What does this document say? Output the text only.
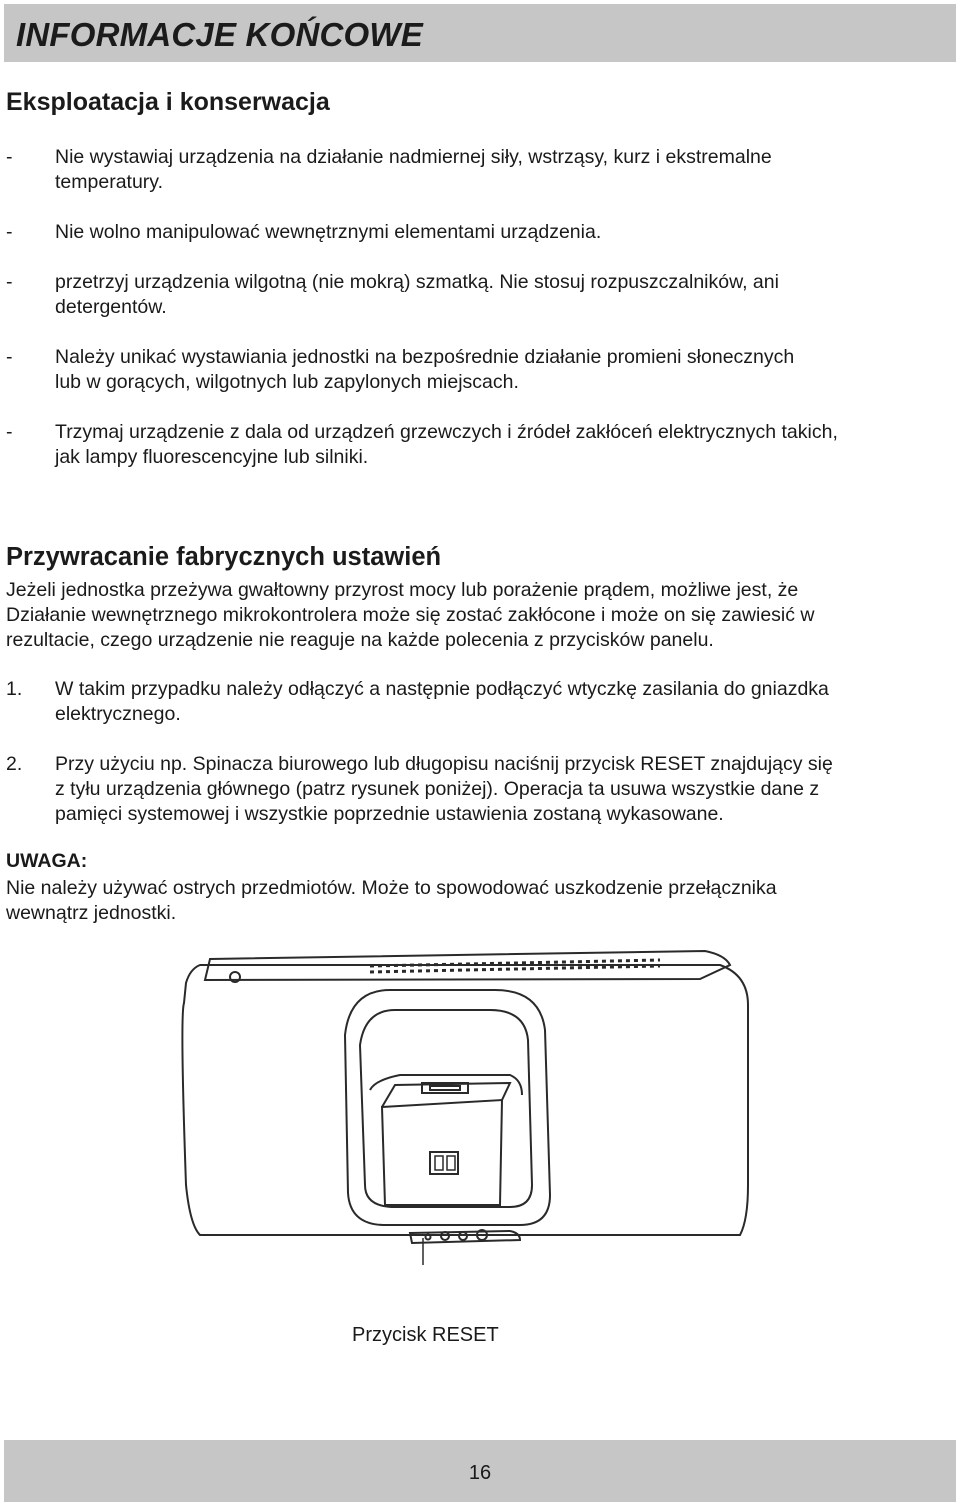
INFORMACJE KOŃCOWE
Eksploatacja i konserwacja
- Nie wystawiaj urządzenia na działanie nadmiernej siły, wstrząsy, kurz i ekstremalne
temperatury.
- Nie wolno manipulować wewnętrznymi elementami urządzenia.
- przetrzyj urządzenia wilgotną (nie mokrą) szmatką. Nie stosuj rozpuszczalników, ani
detergentów.
- Należy unikać wystawiania jednostki na bezpośrednie działanie promieni słonecznych
lub w gorących, wilgotnych lub zapylonych miejscach.
- Trzymaj urządzenie z dala od urządzeń grzewczych i źródeł zakłóceń elektrycznych takich,
jak lampy fluorescencyjne lub silniki.
Przywracanie fabrycznych ustawień
Jeżeli jednostka przeżywa gwałtowny przyrost mocy lub porażenie prądem, możliwe jest, że
Działanie wewnętrznego mikrokontrolera może się zostać zakłócone i może on się zawiesić w
rezultacie, czego urządzenie nie reaguje na każde polecenia z przycisków panelu.
1. W takim przypadku należy odłączyć a następnie podłączyć wtyczkę zasilania do gniazdka
elektrycznego.
2. Przy użyciu np. Spinacza biurowego lub długopisu naciśnij przycisk RESET znajdujący się
z tyłu urządzenia głównego (patrz rysunek poniżej). Operacja ta usuwa wszystkie dane z
pamięci systemowej i wszystkie poprzednie ustawienia zostaną wykasowane.
UWAGA:
Nie należy używać ostrych przedmiotów. Może to spowodować uszkodzenie przełącznika
wewnątrz jednostki.
Przycisk RESET
16
